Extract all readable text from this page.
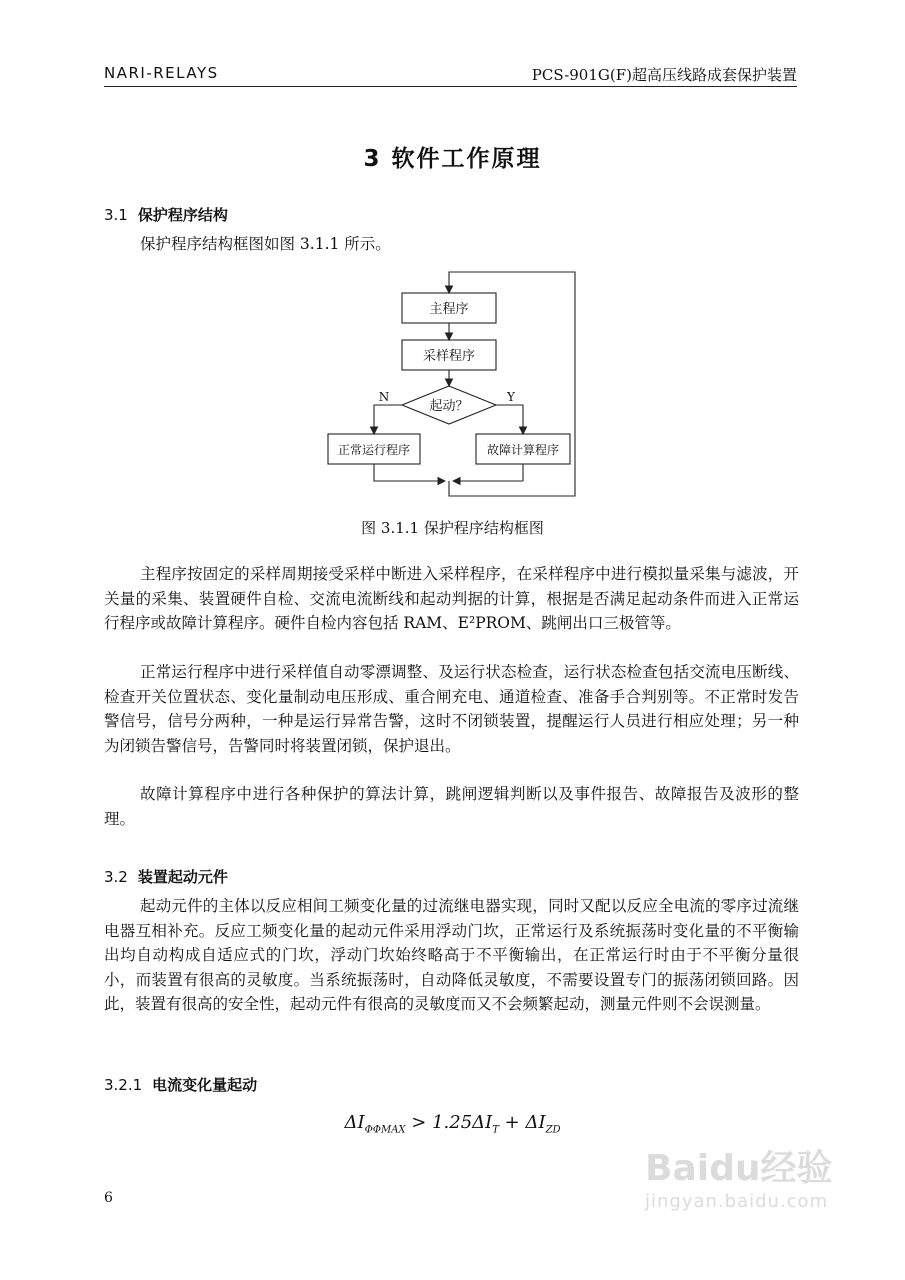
NARI-RELAYS	PCS-901G(F)超高压线路成套保护装置
3 软件工作原理
3.1 保护程序结构
保护程序结构框图如图 3.1.1 所示。
主程序
采样程序
起动？
正常运行程序	故障计算程序
N	Y
图 3.1.1 保护程序结构框图

主程序按固定的采样周期接受采样中断进入采样程序，在采样程序中进行模拟量采集与滤波，开关量的采集、装置硬件自检、交流电流断线和起动判据的计算，根据是否满足起动条件而进入正常运行程序或故障计算程序。硬件自检内容包括 RAM、E²PROM、跳闸出口三极管等。

正常运行程序中进行采样值自动零漂调整、及运行状态检查，运行状态检查包括交流电压断线、检查开关位置状态、变化量制动电压形成、重合闸充电、通道检查、准备手合判别等。不正常时发告警信号，信号分两种，一种是运行异常告警，这时不闭锁装置，提醒运行人员进行相应处理；另一种为闭锁告警信号，告警同时将装置闭锁，保护退出。

故障计算程序中进行各种保护的算法计算，跳闸逻辑判断以及事件报告、故障报告及波形的整理。

3.2 装置起动元件

起动元件的主体以反应相间工频变化量的过流继电器实现，同时又配以反应全电流的零序过流继电器互相补充。反应工频变化量的起动元件采用浮动门坎，正常运行及系统振荡时变化量的不平衡输出均自动构成自适应式的门坎，浮动门坎始终略高于不平衡输出，在正常运行时由于不平衡分量很小，而装置有很高的灵敏度。当系统振荡时，自动降低灵敏度，不需要设置专门的振荡闭锁回路。因此，装置有很高的安全性，起动元件有很高的灵敏度而又不会频繁起动，测量元件则不会误测量。

3.2.1 电流变化量起动
$\Delta I_{\Phi\Phi MAX} > 1.25\Delta I_T + \Delta I_{ZD}$
6
Baidu经验
jingyan.baidu.com
